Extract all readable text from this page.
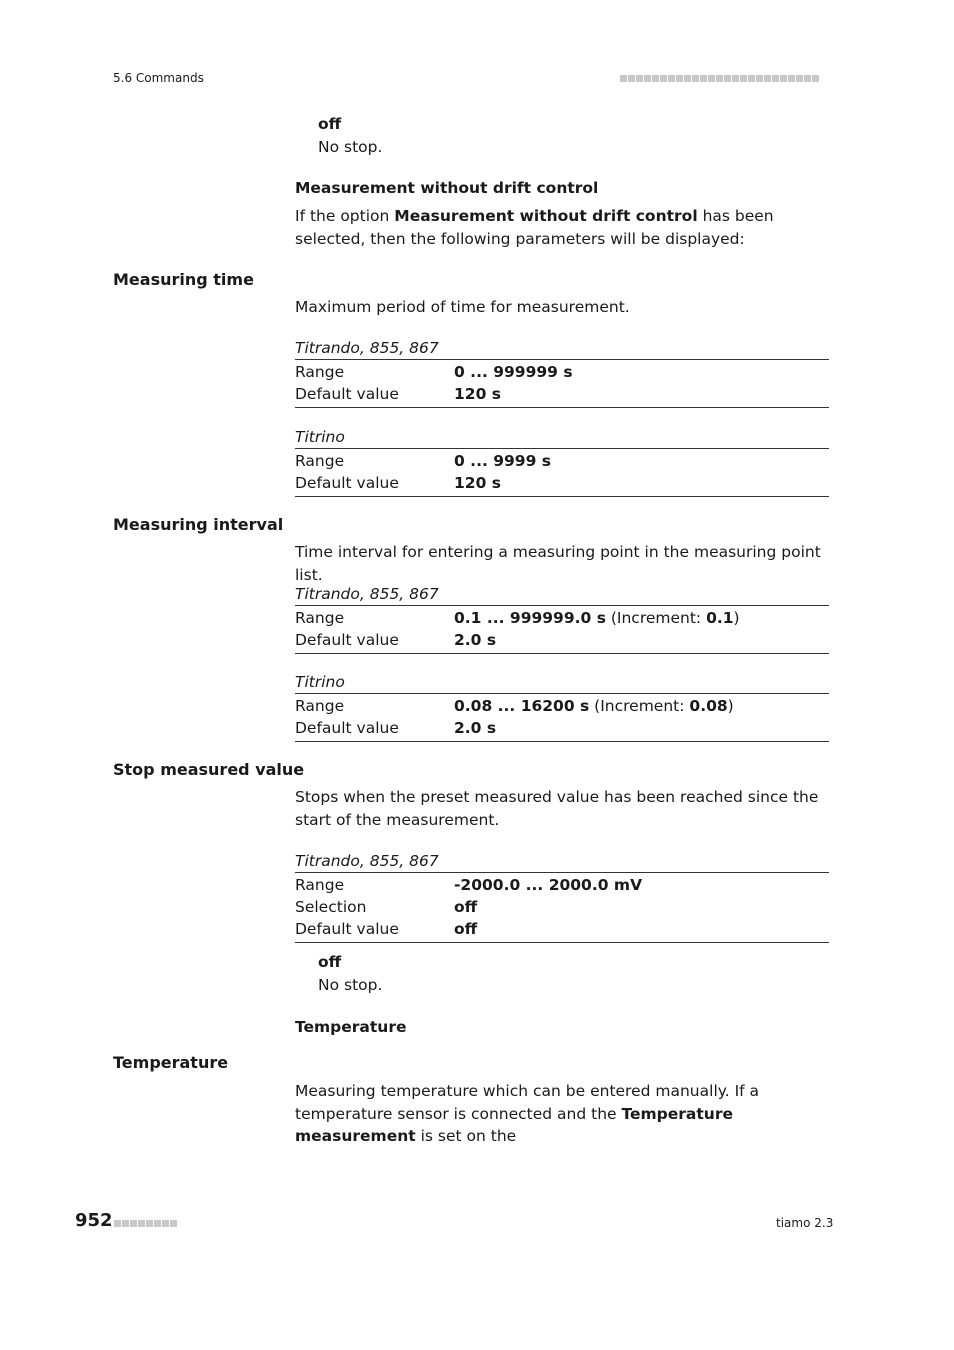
5.6 Commands
off
No stop.
Measurement without drift control
If the option Measurement without drift control has been selected, then the following parameters will be displayed:
Measuring time
Maximum period of time for measurement.
Titrando, 855, 867
Range	0 ... 999999 s
Default value	120 s
Titrino
Range	0 ... 9999 s
Default value	120 s
Measuring interval
Time interval for entering a measuring point in the measuring point list.
Titrando, 855, 867
Range	0.1 ... 999999.0 s (Increment: 0.1)
Default value	2.0 s
Titrino
Range	0.08 ... 16200 s (Increment: 0.08)
Default value	2.0 s
Stop measured value
Stops when the preset measured value has been reached since the start of the measurement.
Titrando, 855, 867
Range	-2000.0 ... 2000.0 mV
Selection	off
Default value	off
off
No stop.
Temperature
Temperature
Measuring temperature which can be entered manually. If a temperature sensor is connected and the Temperature measurement is set on the
952	tiamo 2.3
